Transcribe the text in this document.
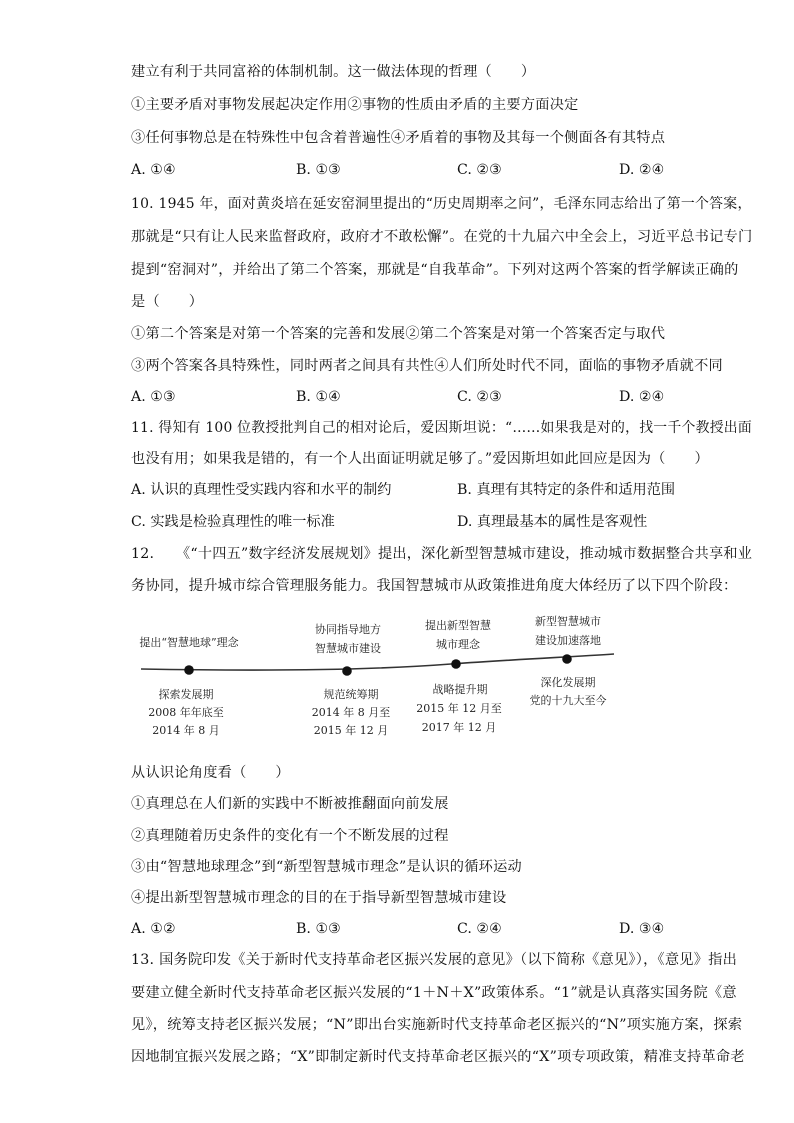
建立有利于共同富裕的体制机制。这一做法体现的哲理（　　）
①主要矛盾对事物发展起决定作用②事物的性质由矛盾的主要方面决定
③任何事物总是在特殊性中包含着普遍性④矛盾着的事物及其每一个侧面各有其特点
A. ①④	B. ①③	C. ②③	D. ②④
10. 1945 年，面对黄炎培在延安窑洞里提出的“历史周期率之问”，毛泽东同志给出了第一个答案，
那就是“只有让人民来监督政府，政府才不敢松懈”。在党的十九届六中全会上，习近平总书记专门
提到“窑洞对”，并给出了第二个答案，那就是“自我革命”。下列对这两个答案的哲学解读正确的
是（　　）
①第二个答案是对第一个答案的完善和发展②第二个答案是对第一个答案否定与取代
③两个答案各具特殊性，同时两者之间具有共性④人们所处时代不同，面临的事物矛盾就不同
A. ①③	B. ①④	C. ②③	D. ②④
11. 得知有 100 位教授批判自己的相对论后，爱因斯坦说：“……如果我是对的，找一千个教授出面
也没有用；如果我是错的，有一个人出面证明就足够了。”爱因斯坦如此回应是因为（　　）
A. 认识的真理性受实践内容和水平的制约	B. 真理有其特定的条件和适用范围
C. 实践是检验真理性的唯一标准	D. 真理最基本的属性是客观性
12.　　《“十四五”数字经济发展规划》提出，深化新型智慧城市建设，推动城市数据整合共享和业
务协同，提升城市综合管理服务能力。我国智慧城市从政策推进角度大体经历了以下四个阶段：
提出“智慧地球”理念
探索发展期
2008 年年底至
2014 年 8 月
协同指导地方
智慧城市建设
规范统筹期
2014 年 8 月至
2015 年 12 月
提出新型智慧
城市理念
战略提升期
2015 年 12 月至
2017 年 12 月
新型智慧城市
建设加速落地
深化发展期
党的十九大至今
从认识论角度看（　　）
①真理总在人们新的实践中不断被推翻面向前发展
②真理随着历史条件的变化有一个不断发展的过程
③由“智慧地球理念”到“新型智慧城市理念”是认识的循环运动
④提出新型智慧城市理念的目的在于指导新型智慧城市建设
A. ①②	B. ①③	C. ②④	D. ③④
13. 国务院印发《关于新时代支持革命老区振兴发展的意见》（以下简称《意见》），《意见》指出
要建立健全新时代支持革命老区振兴发展的“1＋N＋X”政策体系。“1”就是认真落实国务院《意
见》，统筹支持老区振兴发展；“N”即出台实施新时代支持革命老区振兴的“N”项实施方案，探索
因地制宜振兴发展之路；“X”即制定新时代支持革命老区振兴的“X”项专项政策，精准支持革命老
